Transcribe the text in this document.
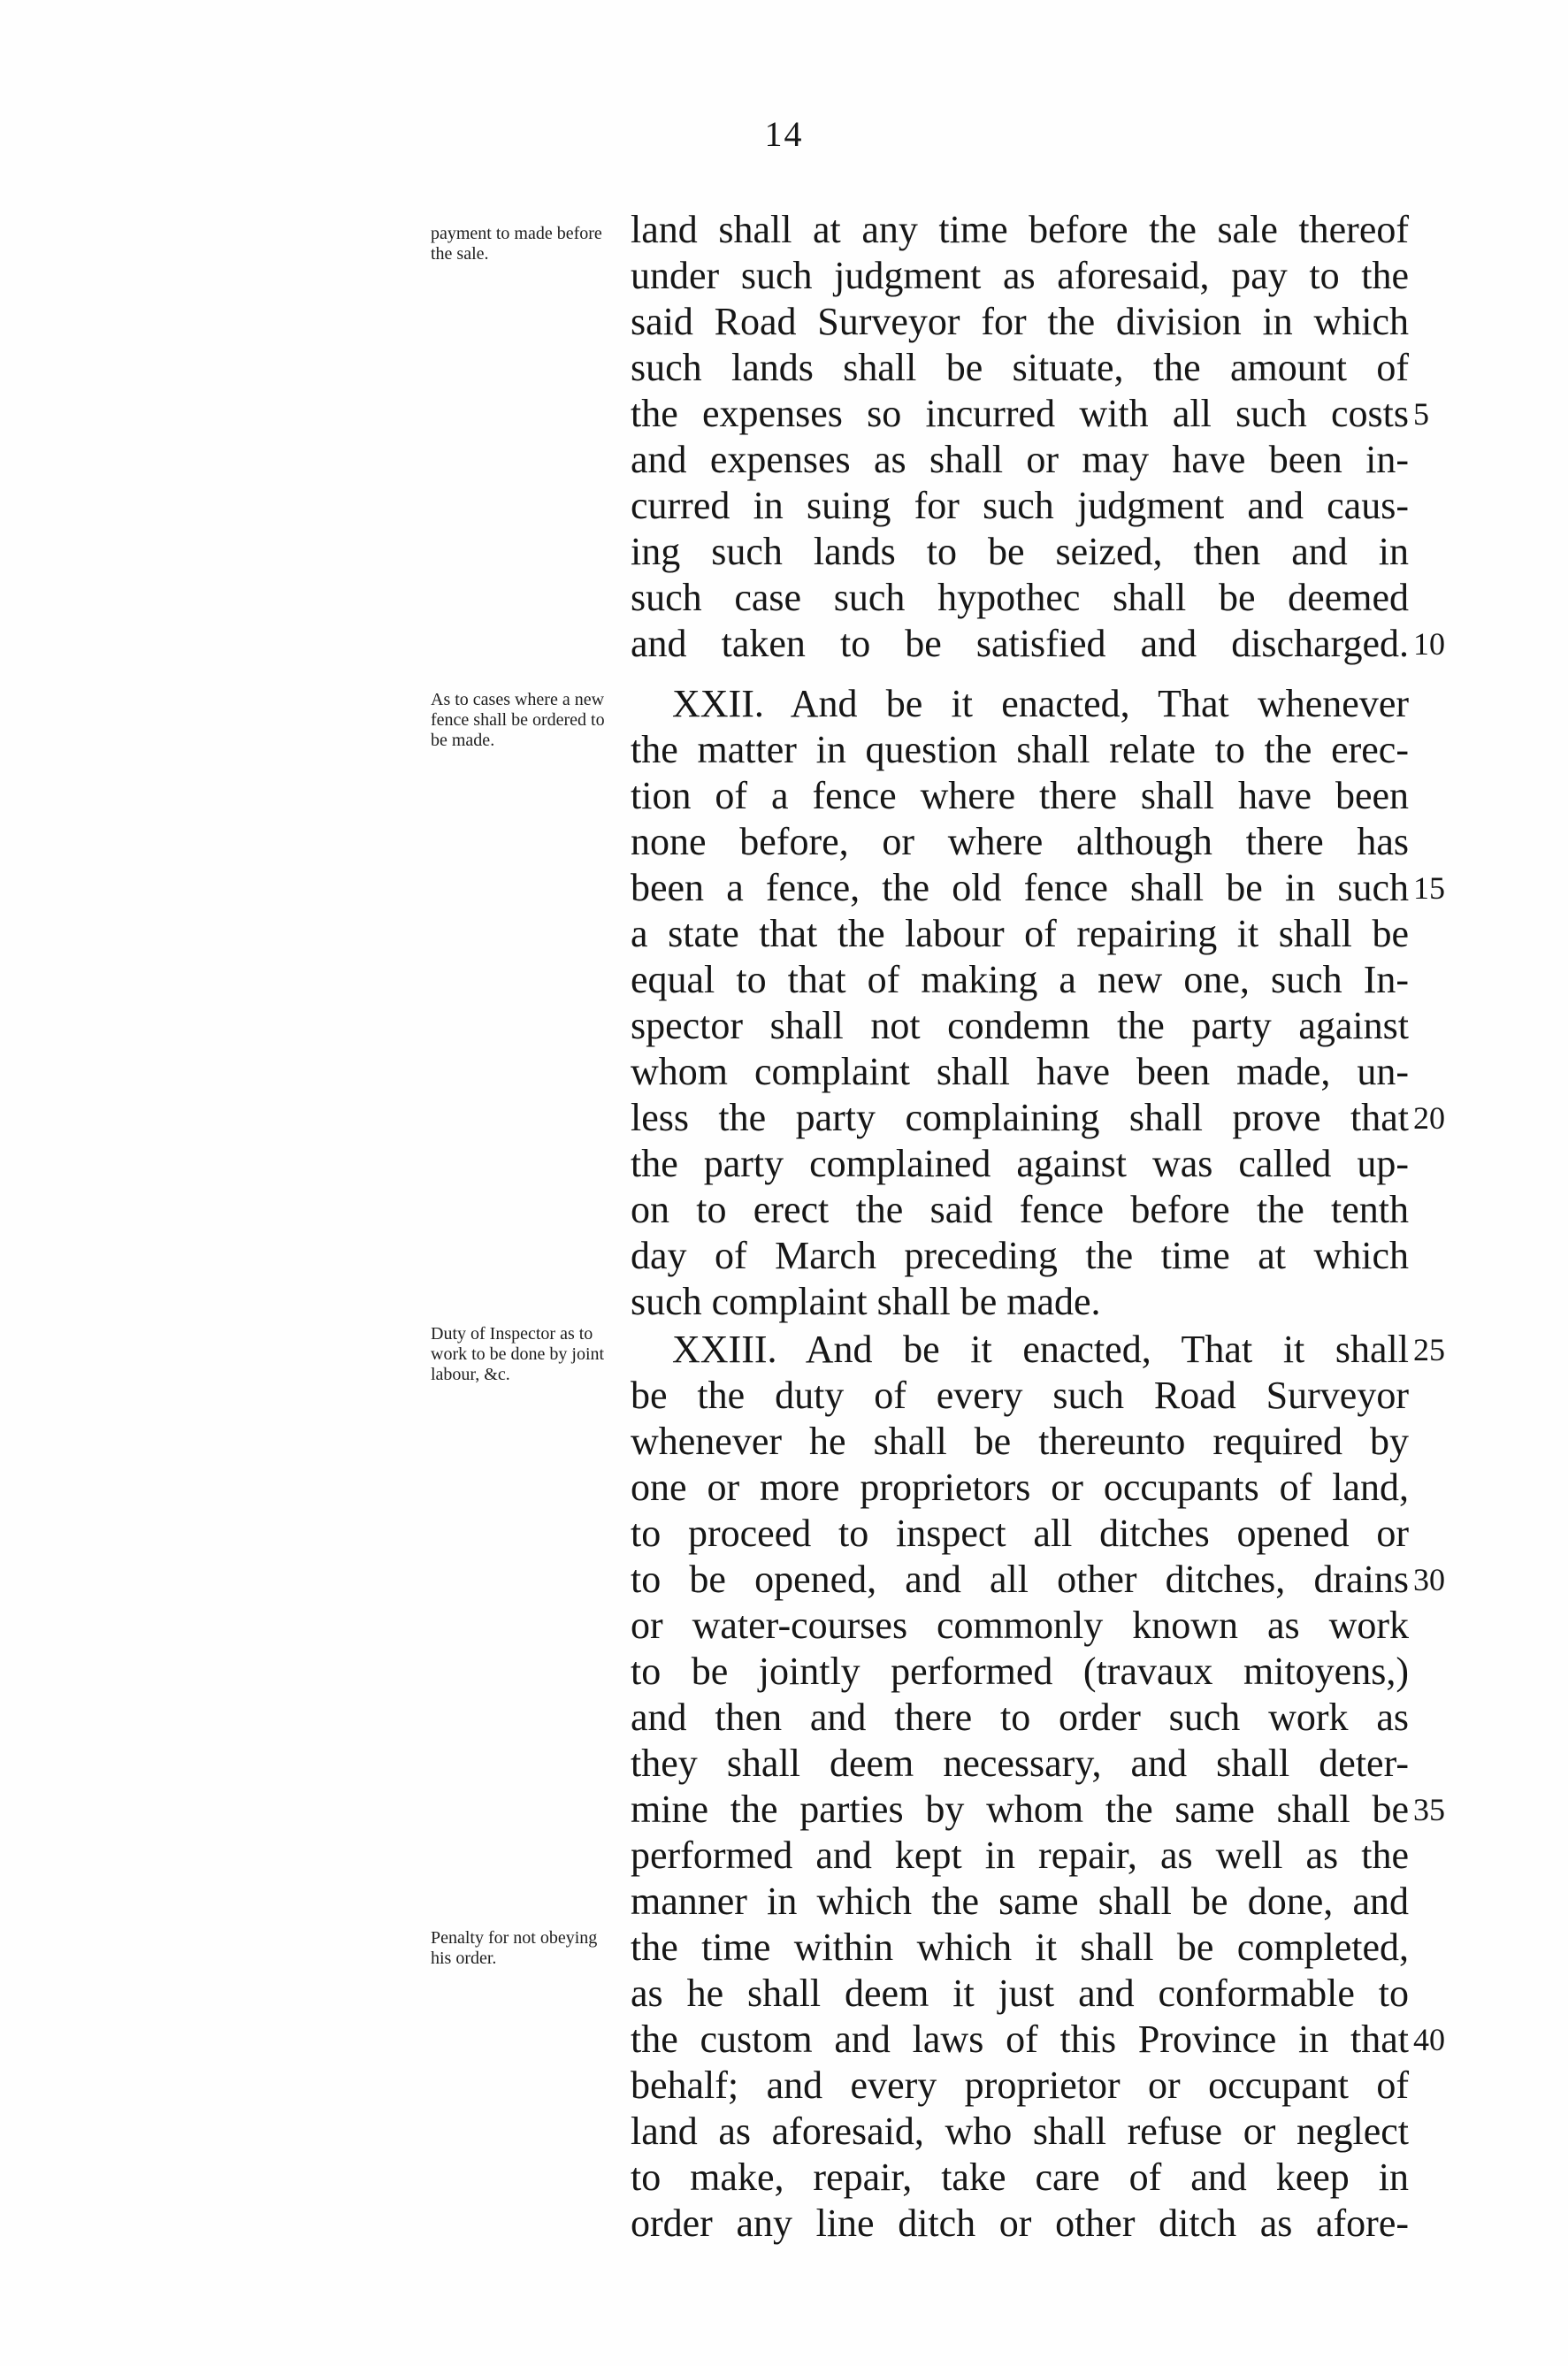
14
payment to made before the sale.
As to cases where a new fence shall be ordered to be made.
Duty of Inspector as to work to be done by joint labour, &c.
Penalty for not obeying his order.
land shall at any time before the sale thereof
under such judgment as aforesaid, pay to the
said Road Surveyor for the division in which
such lands shall be situate, the amount of
the expenses so incurred with all such costs
and expenses as shall or may have been in-
curred in suing for such judgment and caus-
ing such lands to be seized, then and in
such case such hypothec shall be deemed
and taken to be satisfied and discharged.
XXII. And be it enacted, That whenever
the matter in question shall relate to the erec-
tion of a fence where there shall have been
none before, or where although there has
been a fence, the old fence shall be in such
a state that the labour of repairing it shall be
equal to that of making a new one, such In-
spector shall not condemn the party against
whom complaint shall have been made, un-
less the party complaining shall prove that
the party complained against was called up-
on to erect the said fence before the tenth
day of March preceding the time at which
such complaint shall be made.
XXIII. And be it enacted, That it shall
be the duty of every such Road Surveyor
whenever he shall be thereunto required by
one or more proprietors or occupants of land,
to proceed to inspect all ditches opened or
to be opened, and all other ditches, drains
or water-courses commonly known as work
to be jointly performed (travaux mitoyens,)
and then and there to order such work as
they shall deem necessary, and shall deter-
mine the parties by whom the same shall be
performed and kept in repair, as well as the
manner in which the same shall be done, and
the time within which it shall be completed,
as he shall deem it just and conformable to
the custom and laws of this Province in that
behalf; and every proprietor or occupant of
land as aforesaid, who shall refuse or neglect
to make, repair, take care of and keep in
order any line ditch or other ditch as afore-
5
10
15
20
25
30
35
40
